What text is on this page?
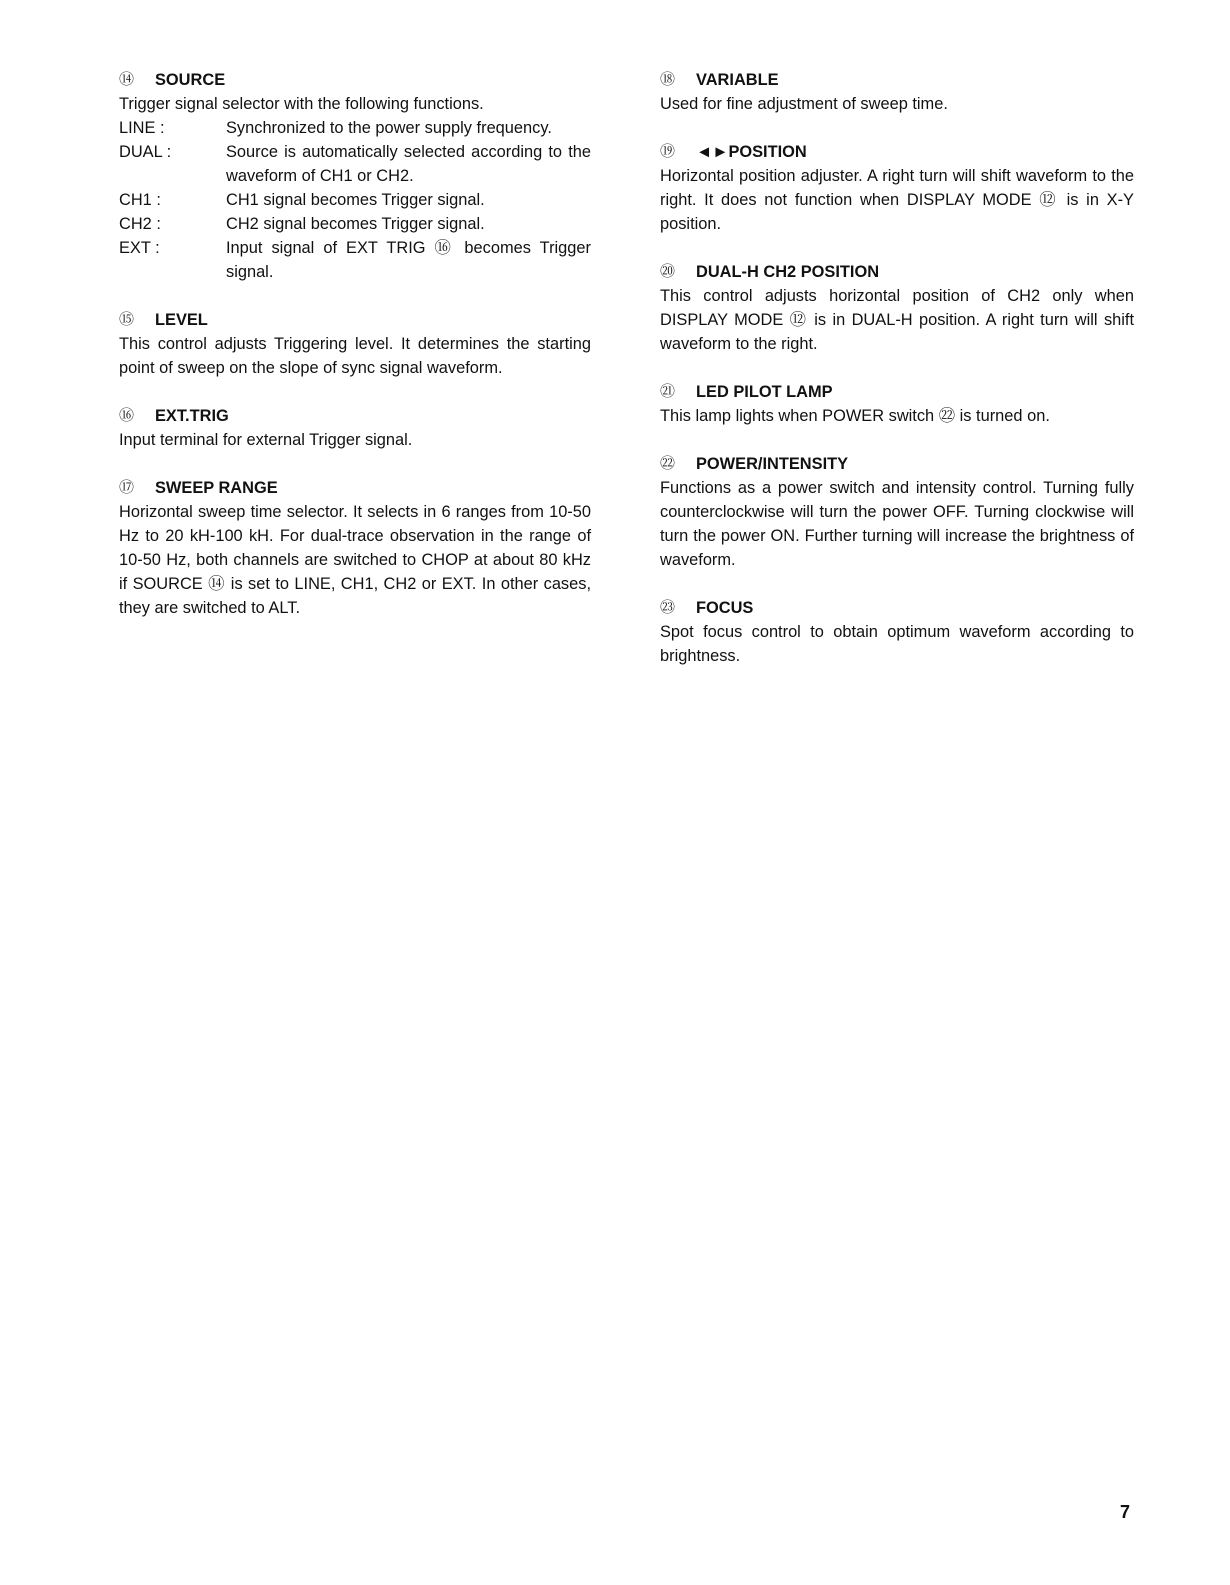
⑭	SOURCE
Trigger signal selector with the following functions.
LINE :	Synchronized to the power supply frequency.
DUAL :	Source is automatically selected according to the waveform of CH1 or CH2.
CH1 :	CH1 signal becomes Trigger signal.
CH2 :	CH2 signal becomes Trigger signal.
EXT :	Input signal of EXT TRIG ⑯ becomes Trigger signal.
⑮	LEVEL
This control adjusts Triggering level. It determines the starting point of sweep on the slope of sync signal waveform.
⑯	EXT.TRIG
Input terminal for external Trigger signal.
⑰	SWEEP RANGE
Horizontal sweep time selector. It selects in 6 ranges from 10-50 Hz to 20 kH-100 kH. For dual-trace observation in the range of 10-50 Hz, both channels are switched to CHOP at about 80 kHz if SOURCE ⑭ is set to LINE, CH1, CH2 or EXT. In other cases, they are switched to ALT.
⑱	VARIABLE
Used for fine adjustment of sweep time.
⑲	◄►POSITION
Horizontal position adjuster. A right turn will shift waveform to the right. It does not function when DISPLAY MODE ⑫ is in X-Y position.
⑳	DUAL-H CH2 POSITION
This control adjusts horizontal position of CH2 only when DISPLAY MODE ⑫ is in DUAL-H position. A right turn will shift waveform to the right.
㉑	LED PILOT LAMP
This lamp lights when POWER switch ㉒ is turned on.
㉒	POWER/INTENSITY
Functions as a power switch and intensity control. Turning fully counterclockwise will turn the power OFF. Turning clockwise will turn the power ON. Further turning will increase the brightness of waveform.
㉓	FOCUS
Spot focus control to obtain optimum waveform according to brightness.
7
